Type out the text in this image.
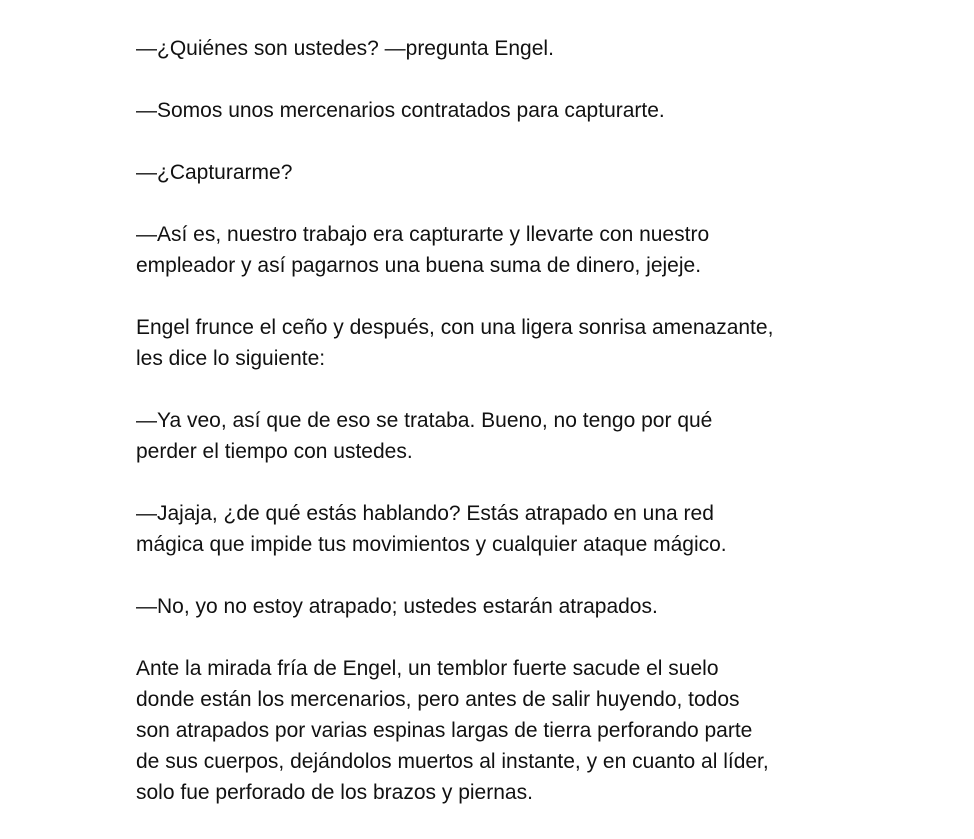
—¿Quiénes son ustedes? —pregunta Engel.

—Somos unos mercenarios contratados para capturarte.

—¿Capturarme?

—Así es, nuestro trabajo era capturarte y llevarte con nuestro
empleador y así pagarnos una buena suma de dinero, jejeje.

Engel frunce el ceño y después, con una ligera sonrisa amenazante,
les dice lo siguiente:

—Ya veo, así que de eso se trataba. Bueno, no tengo por qué
perder el tiempo con ustedes.

—Jajaja, ¿de qué estás hablando? Estás atrapado en una red
mágica que impide tus movimientos y cualquier ataque mágico.

—No, yo no estoy atrapado; ustedes estarán atrapados.

Ante la mirada fría de Engel, un temblor fuerte sacude el suelo
donde están los mercenarios, pero antes de salir huyendo, todos
son atrapados por varias espinas largas de tierra perforando parte
de sus cuerpos, dejándolos muertos al instante, y en cuanto al líder,
solo fue perforado de los brazos y piernas.
